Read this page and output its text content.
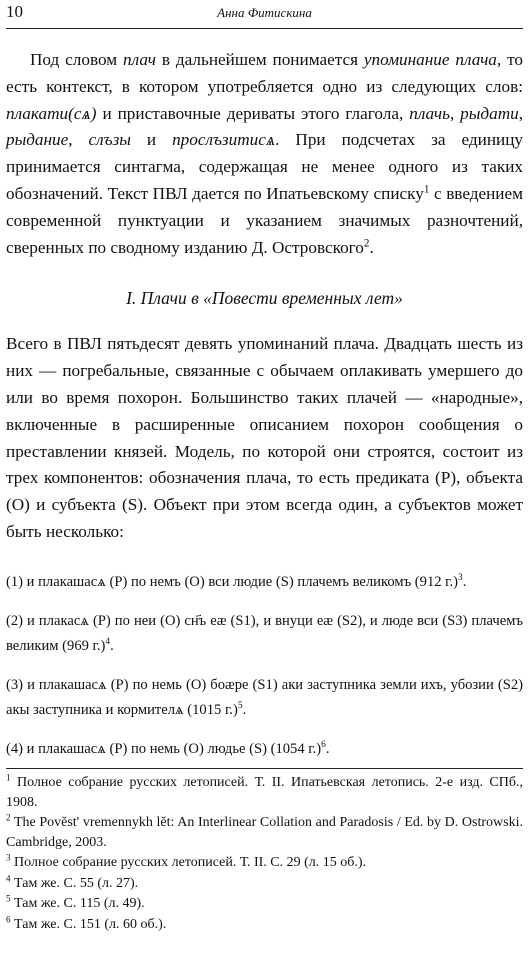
10	Анна Фитискина

Под словом плач в дальнейшем понимается упоминание плача, то есть контекст, в котором употребляется одно из следующих слов: плакати(сѧ) и приставочные дериваты этого глагола, плачь, рыдати, рыдание, слъзы и прослъзитисѧ. При подсчетах за единицу принимается синтагма, содержащая не менее одного из таких обозначений. Текст ПВЛ дается по Ипатьевскому списку$^1$ с введением современной пунктуации и указанием значимых разночтений, сверенных по сводному изданию Д. Островского$^2$.

I. Плачи в «Повести временных лет»

Всего в ПВЛ пятьдесят девять упоминаний плача. Двадцать шесть из них — погребальные, связанные с обычаем оплакивать умершего до или во время похорон. Большинство таких плачей — «народные», включенные в расширенные описанием похорон сообщения о преставлении князей. Модель, по которой они строятся, состоит из трех компонентов: обозначения плача, то есть предиката (P), объекта (O) и субъекта (S). Объект при этом всегда один, а субъектов может быть несколько:

(1) и плакашасѧ (P) по немъ (O) вси людие (S) плачемъ великомъ (912 г.)$^3$.

(2) и плакасѧ (P) по неи (O) сн҃ъ еæ (S1), и внуци еæ (S2), и люде вси (S3) плачемъ великим (969 г.)$^4$.

(3) и плакашасѧ (P) по немь (O) боæре (S1) аки заступника земли ихъ, убозии (S2) акы заступника и кормителѧ (1015 г.)$^5$.

(4) и плакашасѧ (P) по немь (O) людье (S) (1054 г.)$^6$.

$^1$ Полное собрание русских летописей. Т. II. Ипатьевская летопись. 2-е изд. СПб., 1908.

$^2$ The Povĕst' vremennykh lĕt: An Interlinear Collation and Paradosis / Ed. by D. Ostrowski. Cambridge, 2003.

$^3$ Полное собрание русских летописей. Т. II. С. 29 (л. 15 об.).

$^4$ Там же. С. 55 (л. 27).

$^5$ Там же. С. 115 (л. 49).

$^6$ Там же. С. 151 (л. 60 об.).
